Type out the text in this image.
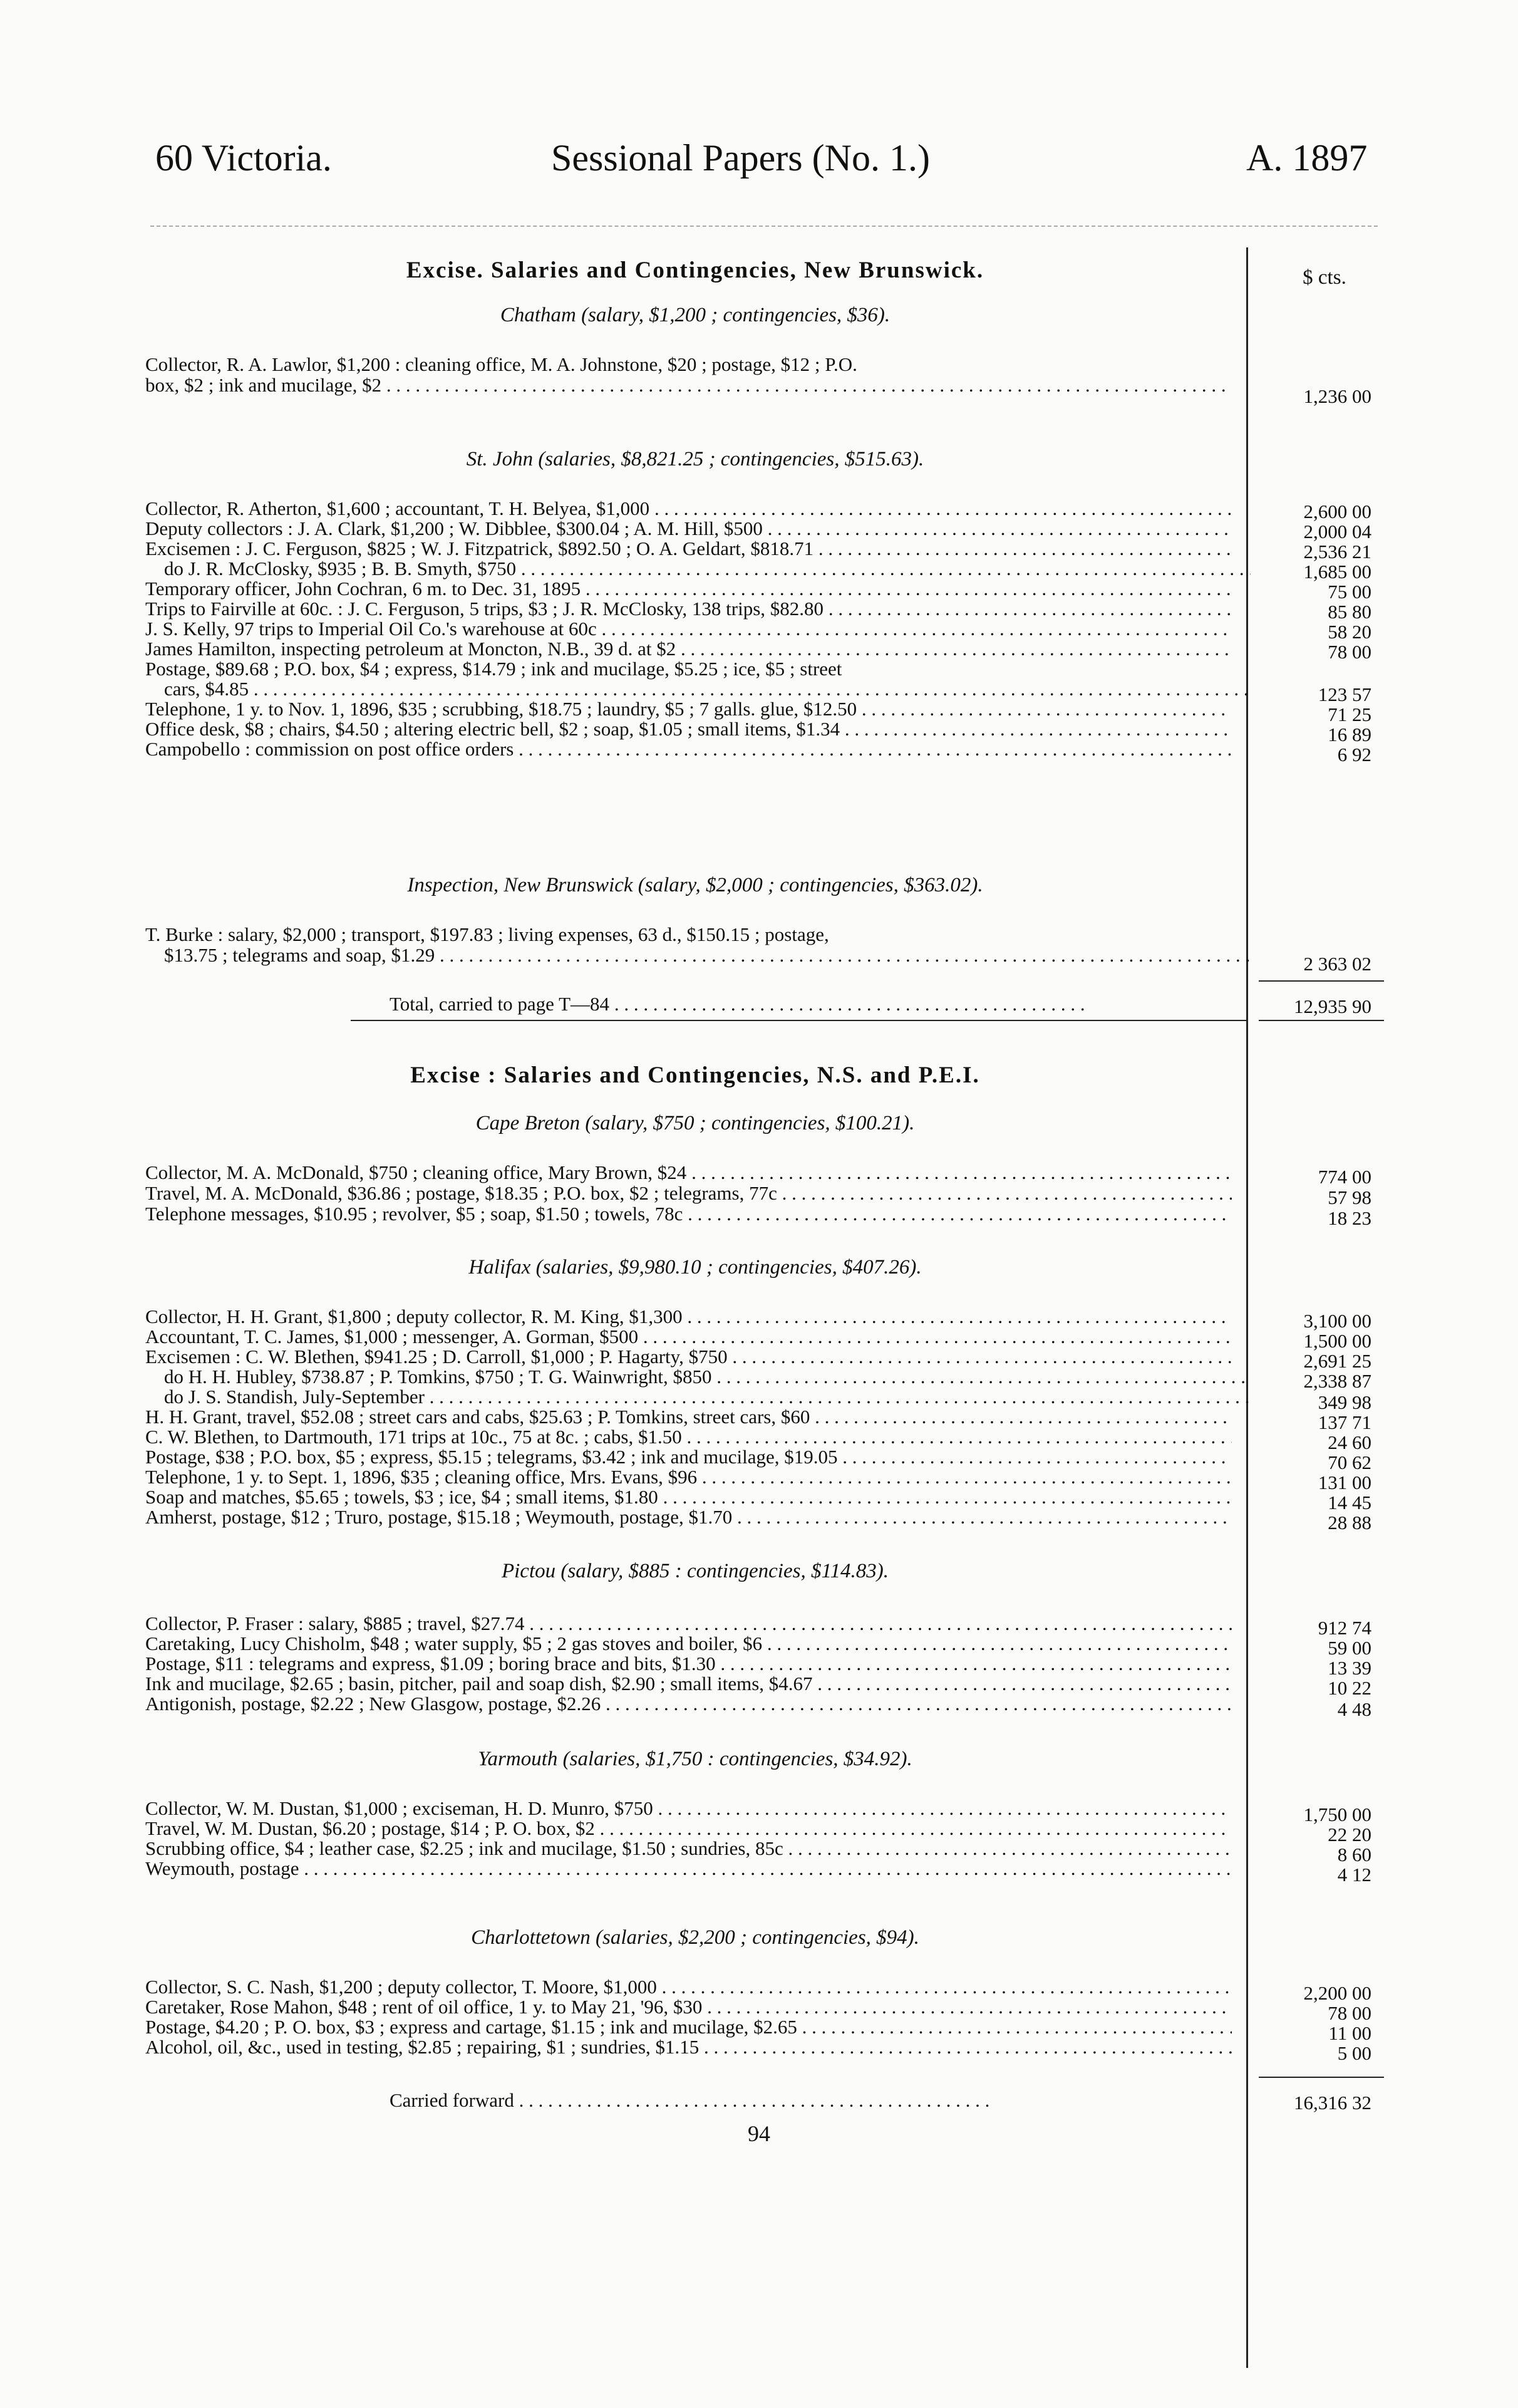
60 Victoria.	Sessional Papers (No. 1.)	A. 1897
$ cts.
Excise. Salaries and Contingencies, New Brunswick.
Chatham (salary, $1,200 ; contingencies, $36).
Collector, R. A. Lawlor, $1,200 : cleaning office, M. A. Johnstone, $20 ; postage, $12 ; P.O.
box, $2 ; ink and mucilage, $2 . . .
1,236 00
St. John (salaries, $8,821.25 ; contingencies, $515.63).
Collector, R. Atherton, $1,600 ; accountant, T. H. Belyea, $1,000 . . .	2,600 00
Deputy collectors : J. A. Clark, $1,200 ; W. Dibblee, $300.04 ; A. M. Hill, $500 . . .	2,000 04
Excisemen : J. C. Ferguson, $825 ; W. J. Fitzpatrick, $892.50 ; O. A. Geldart, $818.71 . . .	2,536 21
do J. R. McClosky, $935 ; B. B. Smyth, $750 . . .	1,685 00
Temporary officer, John Cochran, 6 m. to Dec. 31, 1895 . . .	75 00
Trips to Fairville at 60c. : J. C. Ferguson, 5 trips, $3 ; J. R. McClosky, 138 trips, $82.80 . . .	85 80
J. S. Kelly, 97 trips to Imperial Oil Co.'s warehouse at 60c . . .	58 20
James Hamilton, inspecting petroleum at Moncton, N.B., 39 d. at $2 . . .	78 00
Postage, $89.68 ; P.O. box, $4 ; express, $14.79 ; ink and mucilage, $5.25 ; ice, $5 ; street
cars, $4.85 . . .	123 57
Telephone, 1 y. to Nov. 1, 1896, $35 ; scrubbing, $18.75 ; laundry, $5 ; 7 galls. glue, $12.50 . . .	71 25
Office desk, $8 ; chairs, $4.50 ; altering electric bell, $2 ; soap, $1.05 ; small items, $1.34 . . .	16 89
Campobello : commission on post office orders . . .	6 92
Inspection, New Brunswick (salary, $2,000 ; contingencies, $363.02).
T. Burke : salary, $2,000 ; transport, $197.83 ; living expenses, 63 d., $150.15 ; postage,
$13.75 ; telegrams and soap, $1.29 . . .	2 363 02
Total, carried to page T—84 . . .	12,935 90
Excise : Salaries and Contingencies, N.S. and P.E.I.
Cape Breton (salary, $750 ; contingencies, $100.21).
Collector, M. A. McDonald, $750 ; cleaning office, Mary Brown, $24 . . .	774 00
Travel, M. A. McDonald, $36.86 ; postage, $18.35 ; P.O. box, $2 ; telegrams, 77c . . .	57 98
Telephone messages, $10.95 ; revolver, $5 ; soap, $1.50 ; towels, 78c . . .	18 23
Halifax (salaries, $9,980.10 ; contingencies, $407.26).
Collector, H. H. Grant, $1,800 ; deputy collector, R. M. King, $1,300 . . .	3,100 00
Accountant, T. C. James, $1,000 ; messenger, A. Gorman, $500 . . .	1,500 00
Excisemen : C. W. Blethen, $941.25 ; D. Carroll, $1,000 ; P. Hagarty, $750 . . .	2,691 25
do H. H. Hubley, $738.87 ; P. Tomkins, $750 ; T. G. Wainwright, $850 . . .	2,338 87
do J. S. Standish, July-September . . .	349 98
H. H. Grant, travel, $52.08 ; street cars and cabs, $25.63 ; P. Tomkins, street cars, $60 . . .	137 71
C. W. Blethen, to Dartmouth, 171 trips at 10c., 75 at 8c. ; cabs, $1.50 . . .	24 60
Postage, $38 ; P.O. box, $5 ; express, $5.15 ; telegrams, $3.42 ; ink and mucilage, $19.05 . . .	70 62
Telephone, 1 y. to Sept. 1, 1896, $35 ; cleaning office, Mrs. Evans, $96 . . .	131 00
Soap and matches, $5.65 ; towels, $3 ; ice, $4 ; small items, $1.80 . . .	14 45
Amherst, postage, $12 ; Truro, postage, $15.18 ; Weymouth, postage, $1.70 . . .	28 88
Pictou (salary, $885 : contingencies, $114.83).
Collector, P. Fraser : salary, $885 ; travel, $27.74 . . .	912 74
Caretaking, Lucy Chisholm, $48 ; water supply, $5 ; 2 gas stoves and boiler, $6 . . .	59 00
Postage, $11 : telegrams and express, $1.09 ; boring brace and bits, $1.30 . . .	13 39
Ink and mucilage, $2.65 ; basin, pitcher, pail and soap dish, $2.90 ; small items, $4.67 . . .	10 22
Antigonish, postage, $2.22 ; New Glasgow, postage, $2.26 . . .	4 48
Yarmouth (salaries, $1,750 : contingencies, $34.92).
Collector, W. M. Dustan, $1,000 ; exciseman, H. D. Munro, $750 . . .	1,750 00
Travel, W. M. Dustan, $6.20 ; postage, $14 ; P. O. box, $2 . . .	22 20
Scrubbing office, $4 ; leather case, $2.25 ; ink and mucilage, $1.50 ; sundries, 85c . . .	8 60
Weymouth, postage . . .	4 12
Charlottetown (salaries, $2,200 ; contingencies, $94).
Collector, S. C. Nash, $1,200 ; deputy collector, T. Moore, $1,000 . . .	2,200 00
Caretaker, Rose Mahon, $48 ; rent of oil office, 1 y. to May 21, '96, $30 . . .	78 00
Postage, $4.20 ; P. O. box, $3 ; express and cartage, $1.15 ; ink and mucilage, $2.65 . . .	11 00
Alcohol, oil, &c., used in testing, $2.85 ; repairing, $1 ; sundries, $1.15 . . .	5 00
Carried forward . . .	16,316 32
94
